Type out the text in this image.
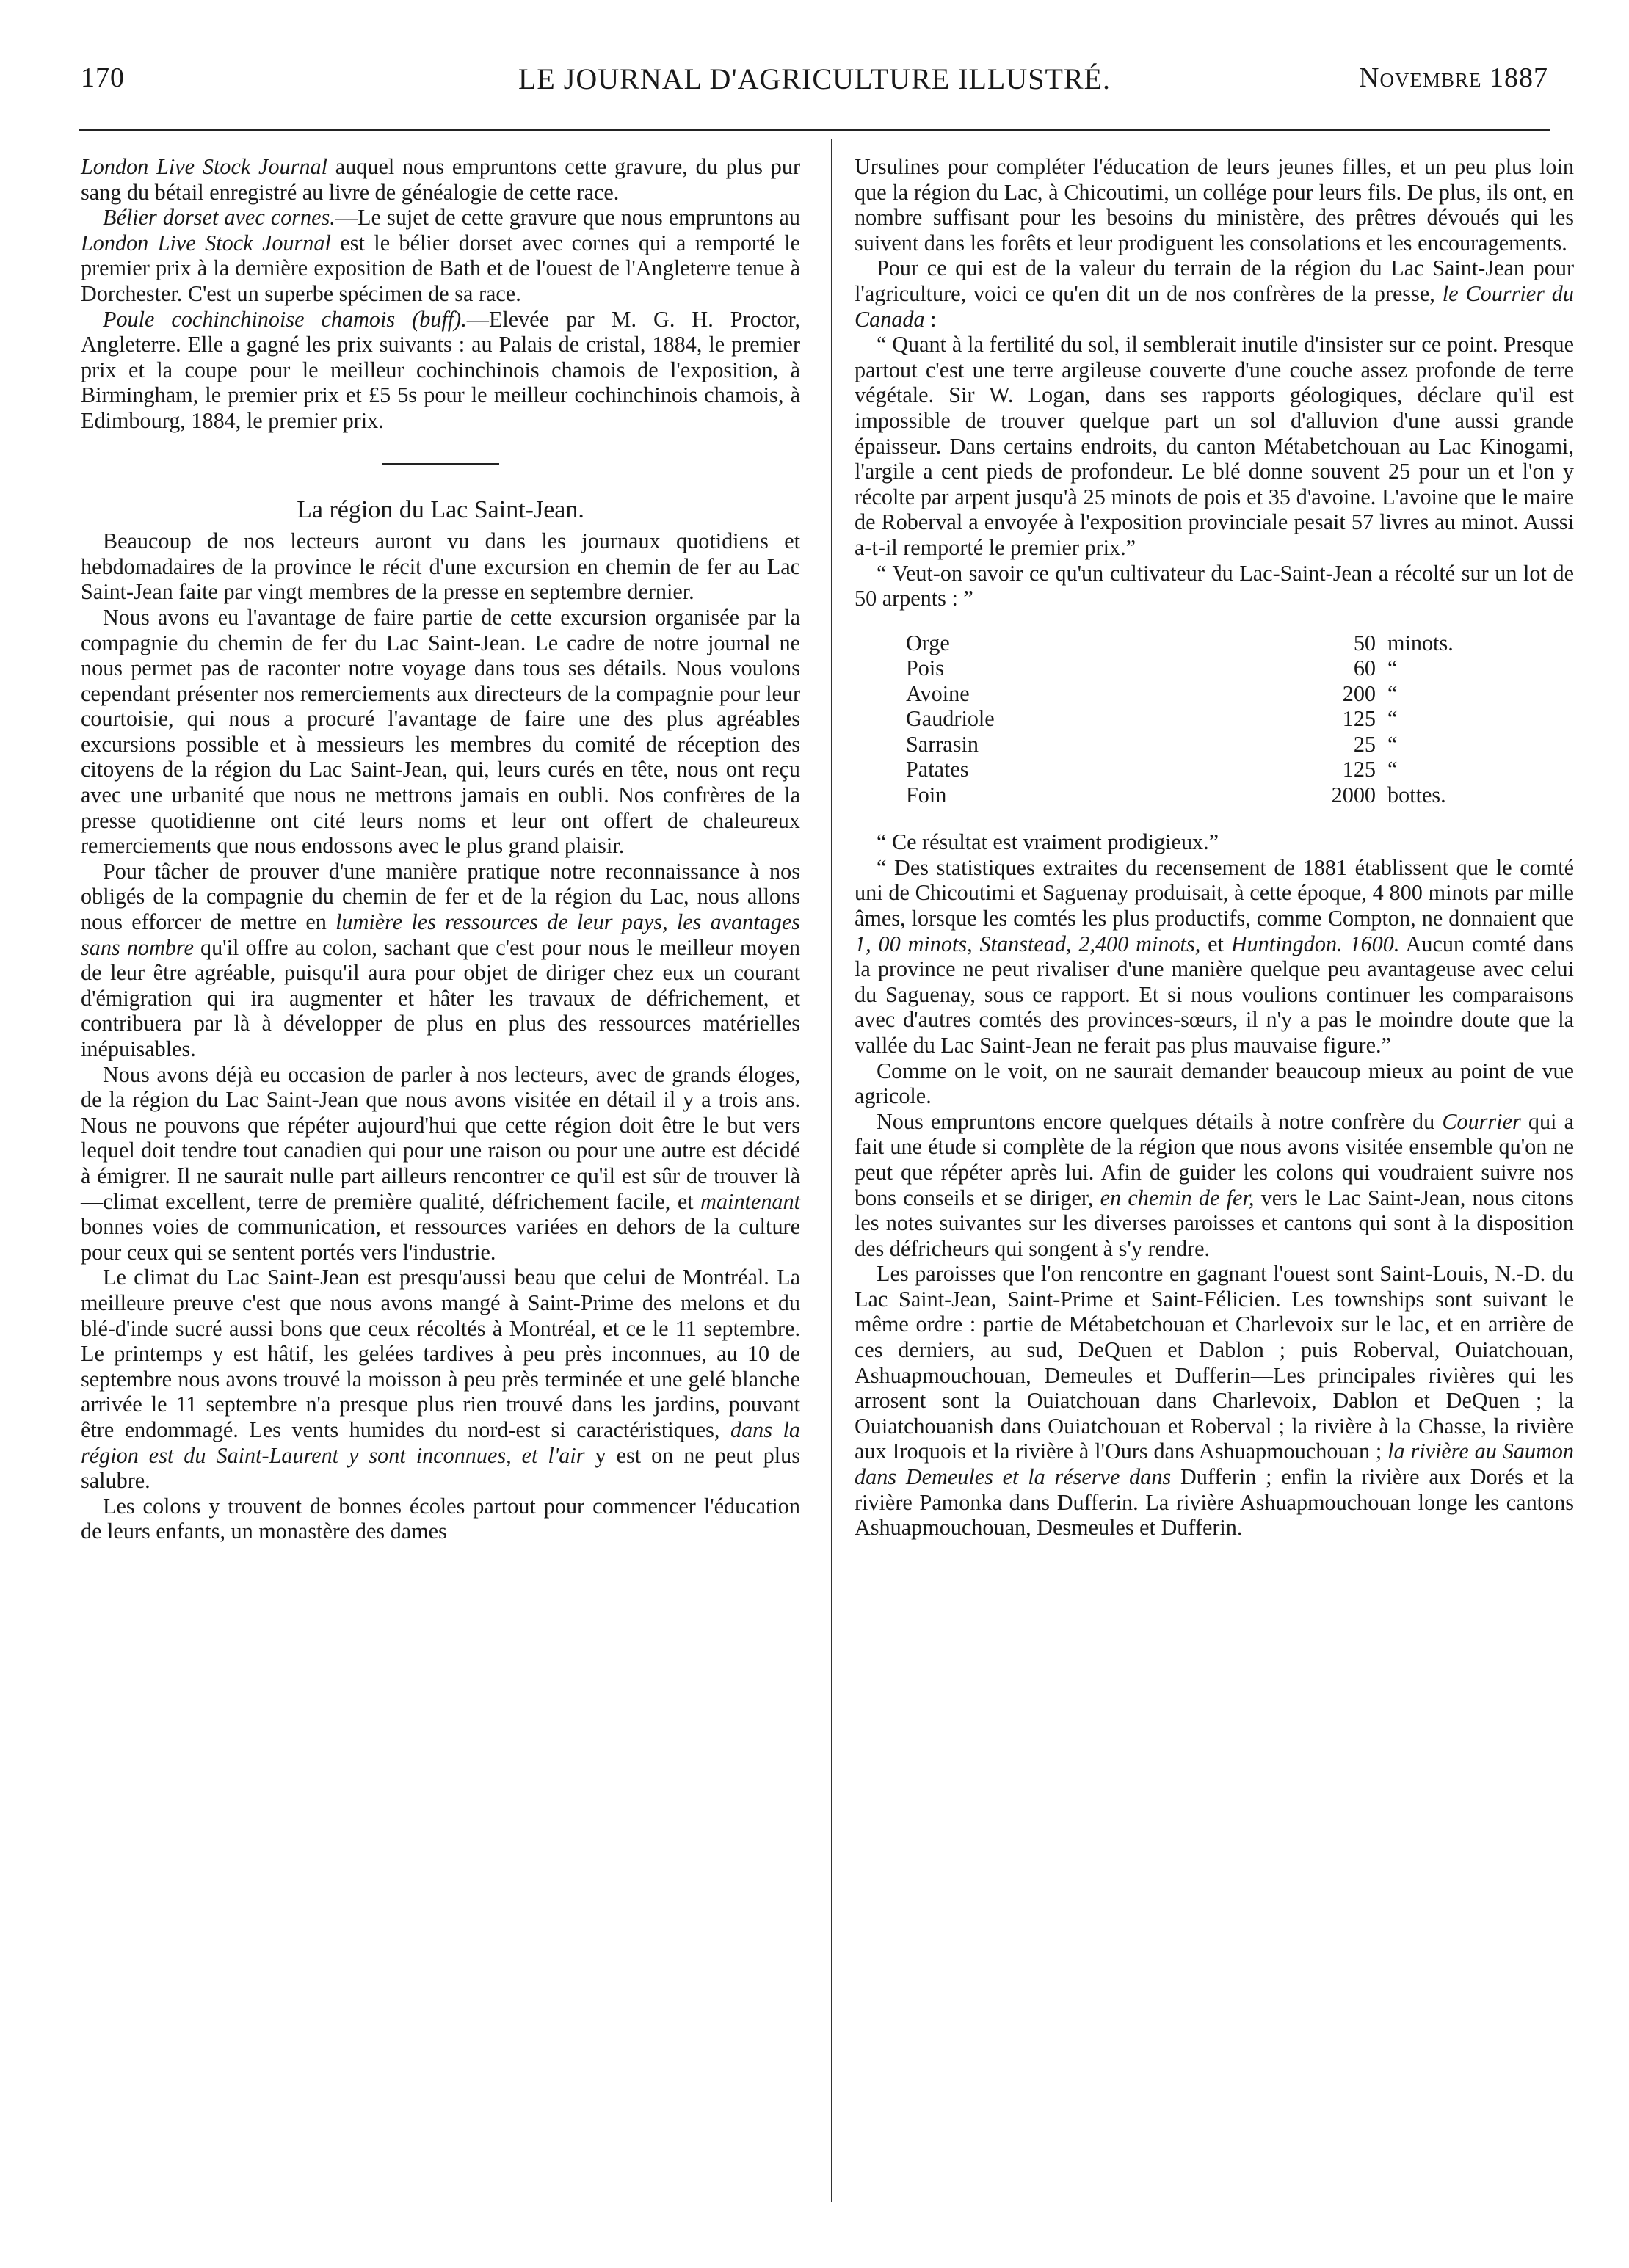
170	LE JOURNAL D'AGRICULTURE ILLUSTRÉ.	Novembre 1887

London Live Stock Journal auquel nous empruntons cette gravure, du plus pur sang du bétail enregistré au livre de généalogie de cette race.

Bélier dorset avec cornes.—Le sujet de cette gravure que nous empruntons au London Live Stock Journal est le bélier dorset avec cornes qui a remporté le premier prix à la dernière exposition de Bath et de l'ouest de l'Angleterre tenue à Dorchester. C'est un superbe spécimen de sa race.

Poule cochinchinoise chamois (buff).—Elevée par M. G. H. Proctor, Angleterre. Elle a gagné les prix suivants : au Palais de cristal, 1884, le premier prix et la coupe pour le meilleur cochinchinois chamois de l'exposition, à Birmingham, le premier prix et £5 5s pour le meilleur cochinchinois chamois, à Edimbourg, 1884, le premier prix.

La région du Lac Saint-Jean.

Beaucoup de nos lecteurs auront vu dans les journaux quotidiens et hebdomadaires de la province le récit d'une excursion en chemin de fer au Lac Saint-Jean faite par vingt membres de la presse en septembre dernier.

Nous avons eu l'avantage de faire partie de cette excursion organisée par la compagnie du chemin de fer du Lac Saint-Jean. Le cadre de notre journal ne nous permet pas de raconter notre voyage dans tous ses détails. Nous voulons cependant présenter nos remerciements aux directeurs de la compagnie pour leur courtoisie, qui nous a procuré l'avantage de faire une des plus agréables excursions possible et à messieurs les membres du comité de réception des citoyens de la région du Lac Saint-Jean, qui, leurs curés en tête, nous ont reçu avec une urbanité que nous ne mettrons jamais en oubli. Nos confrères de la presse quotidienne ont cité leurs noms et leur ont offert de chaleureux remerciements que nous endossons avec le plus grand plaisir.

Pour tâcher de prouver d'une manière pratique notre reconnaissance à nos obligés de la compagnie du chemin de fer et de la région du Lac, nous allons nous efforcer de mettre en lumière les ressources de leur pays, les avantages sans nombre qu'il offre au colon, sachant que c'est pour nous le meilleur moyen de leur être agréable, puisqu'il aura pour objet de diriger chez eux un courant d'émigration qui ira augmenter et hâter les travaux de défrichement, et contribuera par là à développer de plus en plus des ressources matérielles inépuisables.

Nous avons déjà eu occasion de parler à nos lecteurs, avec de grands éloges, de la région du Lac Saint-Jean que nous avons visitée en détail il y a trois ans. Nous ne pouvons que répéter aujourd'hui que cette région doit être le but vers lequel doit tendre tout canadien qui pour une raison ou pour une autre est décidé à émigrer. Il ne saurait nulle part ailleurs rencontrer ce qu'il est sûr de trouver là—climat excellent, terre de première qualité, défrichement facile, et maintenant bonnes voies de communication, et ressources variées en dehors de la culture pour ceux qui se sentent portés vers l'industrie.

Le climat du Lac Saint-Jean est presqu'aussi beau que celui de Montréal. La meilleure preuve c'est que nous avons mangé à Saint-Prime des melons et du blé-d'inde sucré aussi bons que ceux récoltés à Montréal, et ce le 11 septembre. Le printemps y est hâtif, les gelées tardives à peu près inconnues, au 10 de septembre nous avons trouvé la moisson à peu près terminée et une gelé blanche arrivée le 11 septembre n'a presque plus rien trouvé dans les jardins, pouvant être endommagé. Les vents humides du nord-est si caractéristiques, dans la région est du Saint-Laurent y sont inconnues, et l'air y est on ne peut plus salubre.

Les colons y trouvent de bonnes écoles partout pour commencer l'éducation de leurs enfants, un monastère des dames

Ursulines pour compléter l'éducation de leurs jeunes filles, et un peu plus loin que la région du Lac, à Chicoutimi, un collége pour leurs fils. De plus, ils ont, en nombre suffisant pour les besoins du ministère, des prêtres dévoués qui les suivent dans les forêts et leur prodiguent les consolations et les encouragements.

Pour ce qui est de la valeur du terrain de la région du Lac Saint-Jean pour l'agriculture, voici ce qu'en dit un de nos confrères de la presse, le Courrier du Canada :

“ Quant à la fertilité du sol, il semblerait inutile d'insister sur ce point. Presque partout c'est une terre argileuse couverte d'une couche assez profonde de terre végétale. Sir W. Logan, dans ses rapports géologiques, déclare qu'il est impossible de trouver quelque part un sol d'alluvion d'une aussi grande épaisseur. Dans certains endroits, du canton Métabetchouan au Lac Kinogami, l'argile a cent pieds de profondeur. Le blé donne souvent 25 pour un et l'on y récolte par arpent jusqu'à 25 minots de pois et 35 d'avoine. L'avoine que le maire de Roberval a envoyée à l'exposition provinciale pesait 57 livres au minot. Aussi a-t-il remporté le premier prix.”

“ Veut-on savoir ce qu'un cultivateur du Lac-Saint-Jean a récolté sur un lot de 50 arpents : ”

Orge	50	minots.
Pois	60	“
Avoine	200	“
Gaudriole	125	“
Sarrasin	25	“
Patates	125	“
Foin	2000	bottes.

“ Ce résultat est vraiment prodigieux.”

“ Des statistiques extraites du recensement de 1881 établissent que le comté uni de Chicoutimi et Saguenay produisait, à cette époque, 4 800 minots par mille âmes, lorsque les comtés les plus productifs, comme Compton, ne donnaient que 1, 00 minots, Stanstead, 2,400 minots, et Huntingdon. 1600. Aucun comté dans la province ne peut rivaliser d'une manière quelque peu avantageuse avec celui du Saguenay, sous ce rapport. Et si nous voulions continuer les comparaisons avec d'autres comtés des provinces-sœurs, il n'y a pas le moindre doute que la vallée du Lac Saint-Jean ne ferait pas plus mauvaise figure.”

Comme on le voit, on ne saurait demander beaucoup mieux au point de vue agricole.

Nous empruntons encore quelques détails à notre confrère du Courrier qui a fait une étude si complète de la région que nous avons visitée ensemble qu'on ne peut que répéter après lui. Afin de guider les colons qui voudraient suivre nos bons conseils et se diriger, en chemin de fer, vers le Lac Saint-Jean, nous citons les notes suivantes sur les diverses paroisses et cantons qui sont à la disposition des défricheurs qui songent à s'y rendre.

Les paroisses que l'on rencontre en gagnant l'ouest sont Saint-Louis, N.-D. du Lac Saint-Jean, Saint-Prime et Saint-Félicien. Les townships sont suivant le même ordre : partie de Métabetchouan et Charlevoix sur le lac, et en arrière de ces derniers, au sud, DeQuen et Dablon ; puis Roberval, Ouiatchouan, Ashuapmouchouan, Demeules et Dufferin—Les principales rivières qui les arrosent sont la Ouiatchouan dans Charlevoix, Dablon et DeQuen ; la Ouiatchouanish dans Ouiatchouan et Roberval ; la rivière à la Chasse, la rivière aux Iroquois et la rivière à l'Ours dans Ashuapmouchouan ; la rivière au Saumon dans Demeules et la réserve dans Dufferin ; enfin la rivière aux Dorés et la rivière Pamonka dans Dufferin. La rivière Ashuapmouchouan longe les cantons Ashuapmouchouan, Desmeules et Dufferin.
